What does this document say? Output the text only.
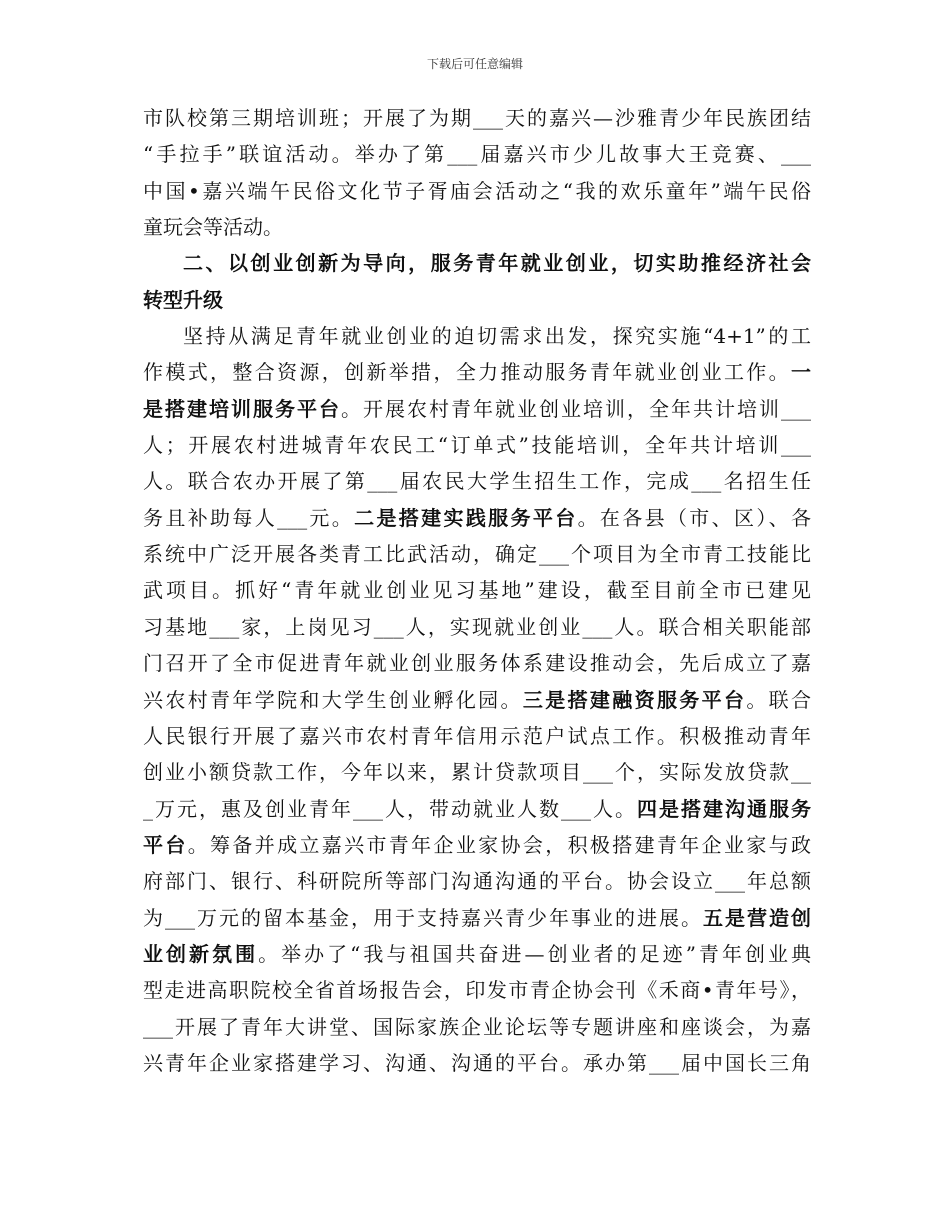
下载后可任意编辑
市队校第三期培训班；开展了为期___天的嘉兴—沙雅青少年民族团结
“手拉手”联谊活动。举办了第___届嘉兴市少儿故事大王竞赛、___
中国•嘉兴端午民俗文化节子胥庙会活动之“我的欢乐童年”端午民俗
童玩会等活动。
二、以创业创新为导向，服务青年就业创业，切实助推经济社会
转型升级
坚持从满足青年就业创业的迫切需求出发，探究实施“4+1”的工
作模式，整合资源，创新举措，全力推动服务青年就业创业工作。一
是搭建培训服务平台。开展农村青年就业创业培训，全年共计培训___
人；开展农村进城青年农民工“订单式”技能培训，全年共计培训___
人。联合农办开展了第___届农民大学生招生工作，完成___名招生任
务且补助每人___元。二是搭建实践服务平台。在各县（市、区）、各
系统中广泛开展各类青工比武活动，确定___个项目为全市青工技能比
武项目。抓好“青年就业创业见习基地”建设，截至目前全市已建见
习基地___家，上岗见习___人，实现就业创业___人。联合相关职能部
门召开了全市促进青年就业创业服务体系建设推动会，先后成立了嘉
兴农村青年学院和大学生创业孵化园。三是搭建融资服务平台。联合
人民银行开展了嘉兴市农村青年信用示范户试点工作。积极推动青年
创业小额贷款工作，今年以来，累计贷款项目___个，实际发放贷款__
_万元，惠及创业青年___人，带动就业人数___人。四是搭建沟通服务
平台。筹备并成立嘉兴市青年企业家协会，积极搭建青年企业家与政
府部门、银行、科研院所等部门沟通沟通的平台。协会设立___年总额
为___万元的留本基金，用于支持嘉兴青少年事业的进展。五是营造创
业创新氛围。举办了“我与祖国共奋进—创业者的足迹”青年创业典
型走进高职院校全省首场报告会，印发市青企协会刊《禾商•青年号》，
___开展了青年大讲堂、国际家族企业论坛等专题讲座和座谈会，为嘉
兴青年企业家搭建学习、沟通、沟通的平台。承办第___届中国长三角
